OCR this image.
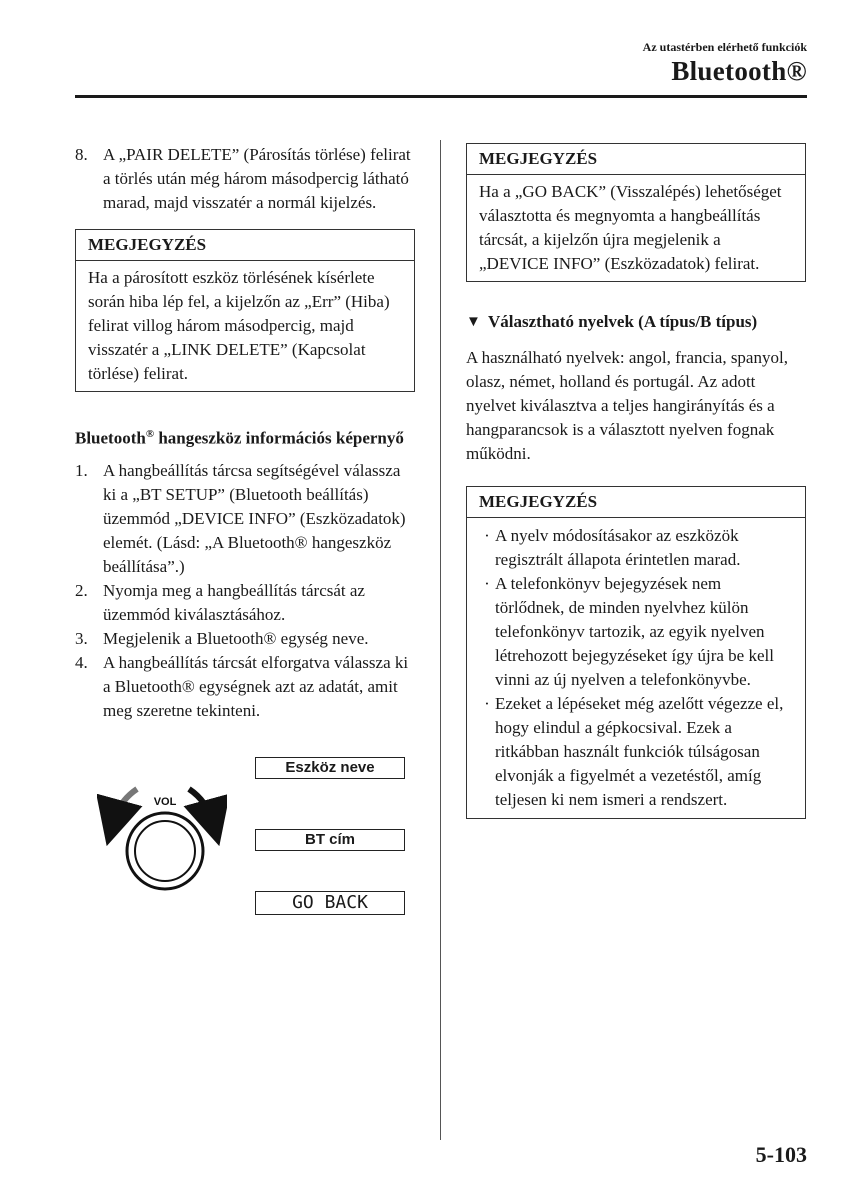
Az utastérben elérhető funkciók
Bluetooth®
8. A „PAIR DELETE” (Párosítás törlése) felirat a törlés után még három másodpercig látható marad, majd visszatér a normál kijelzés.
MEGJEGYZÉS
Ha a párosított eszköz törlésének kísérlete során hiba lép fel, a kijelzőn az „Err” (Hiba) felirat villog három másodpercig, majd visszatér a „LINK DELETE” (Kapcsolat törlése) felirat.
Bluetooth® hangeszköz információs képernyő
1. A hangbeállítás tárcsa segítségével válassza ki a „BT SETUP” (Bluetooth beállítás) üzemmód „DEVICE INFO” (Eszközadatok) elemét. (Lásd: „A Bluetooth® hangeszköz beállítása”.)
2. Nyomja meg a hangbeállítás tárcsát az üzemmód kiválasztásához.
3. Megjelenik a Bluetooth® egység neve.
4. A hangbeállítás tárcsát elforgatva válassza ki a Bluetooth® egységnek azt az adatát, amit meg szeretne tekinteni.
Eszköz neve
BT cím
GO BACK
VOL
MEGJEGYZÉS
Ha a „GO BACK” (Visszalépés) lehetőséget választotta és megnyomta a hangbeállítás tárcsát, a kijelzőn újra megjelenik a „DEVICE INFO” (Eszközadatok) felirat.
▼ Választható nyelvek (A típus/B típus)
A használható nyelvek: angol, francia, spanyol, olasz, német, holland és portugál. Az adott nyelvet kiválasztva a teljes hangirányítás és a hangparancsok is a választott nyelven fognak működni.
MEGJEGYZÉS
· A nyelv módosításakor az eszközök regisztrált állapota érintetlen marad.
· A telefonkönyv bejegyzések nem törlődnek, de minden nyelvhez külön telefonkönyv tartozik, az egyik nyelven létrehozott bejegyzéseket így újra be kell vinni az új nyelven a telefonkönyvbe.
· Ezeket a lépéseket még azelőtt végezze el, hogy elindul a gépkocsival. Ezek a ritkábban használt funkciók túlságosan elvonják a figyelmét a vezetéstől, amíg teljesen ki nem ismeri a rendszert.
5-103
